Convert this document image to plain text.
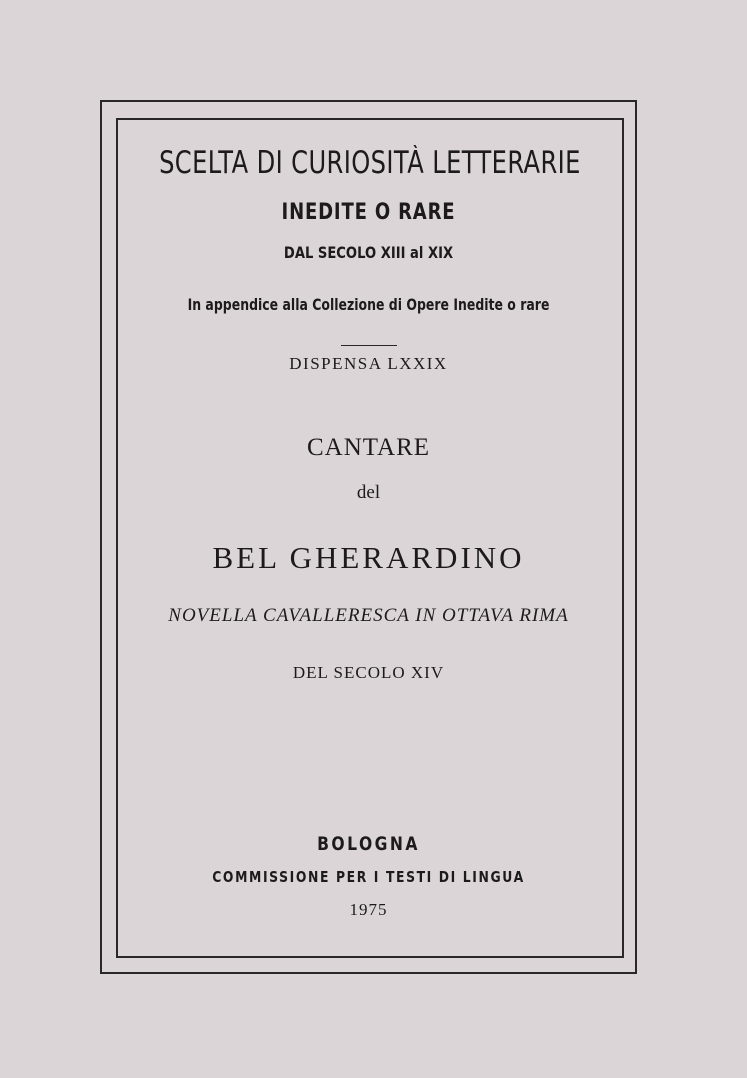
SCELTA DI CURIOSITÀ LETTERARIE
INEDITE O RARE
DAL SECOLO XIII al XIX
In appendice alla Collezione di Opere Inedite o rare
DISPENSA LXXIX
CANTARE
del
BEL GHERARDINO
NOVELLA CAVALLERESCA IN OTTAVA RIMA
DEL SECOLO XIV
BOLOGNA
COMMISSIONE PER I TESTI DI LINGUA
1975
